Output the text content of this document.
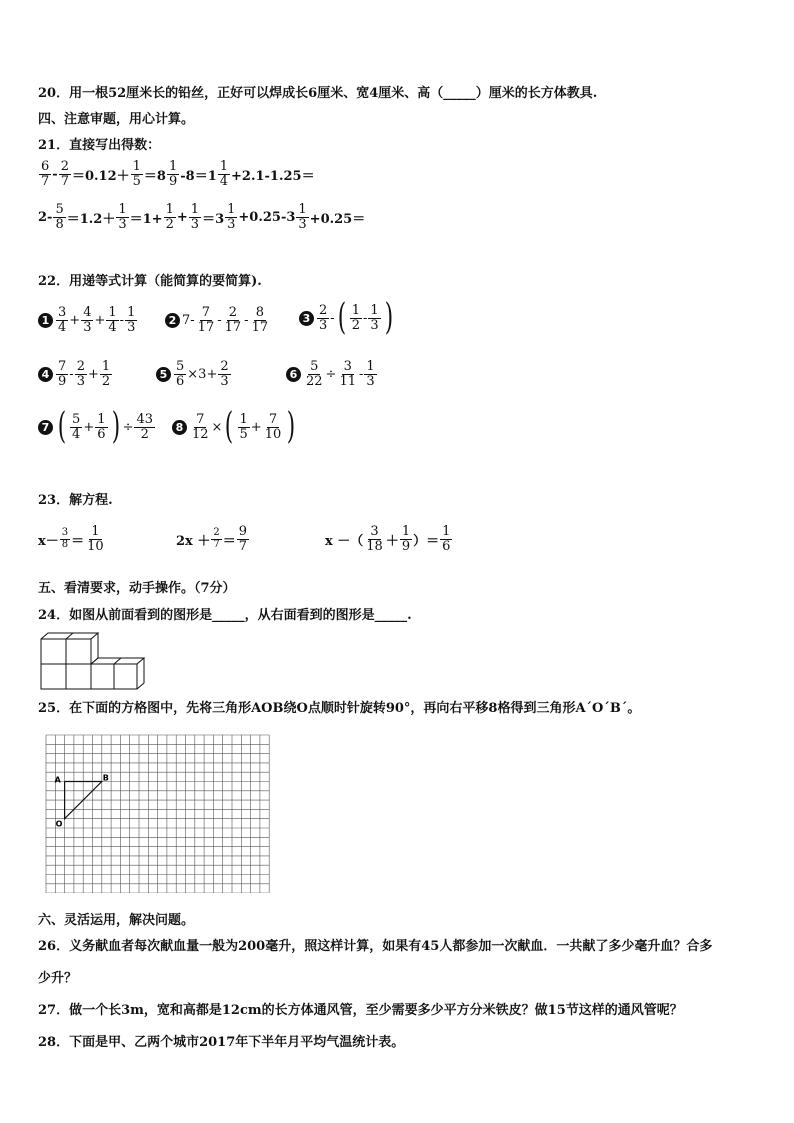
20．用一根52厘米长的铅丝，正好可以焊成长6厘米、宽4厘米、高（_____）厘米的长方体教具.
四、注意审题，用心计算。
21．直接写出得数：
$\frac{6}{7} - \frac{2}{7} =0.12+ \frac{1}{5} =8 \frac{1}{9} -8=1 \frac{1}{4} +2.1-1.25=$
$2- \frac{5}{8} =1.2+ \frac{1}{3} =1+ \frac{1}{2} + \frac{1}{3} =3 \frac{1}{3} +0.25-3 \frac{1}{3} +0.25=$
22．用递等式计算（能简算的要简算).
$1 \frac{3}{4} + \frac{4}{3} + \frac{1}{4} - \frac{1}{3}$	2 $7- \frac{7}{17} - \frac{2}{17} - \frac{8}{17}$	$3 \frac{2}{3}$ -( $\frac{1}{2} - \frac{1}{3}$ )
$4 \frac{7}{9} - \frac{2}{3} + \frac{1}{2}$	$5 \frac{5}{6} \times 3+ \frac{2}{3}$	$6 \frac{5}{22} \div \frac{3}{11} - \frac{1}{3}$
7 ( $\frac{5}{4} + \frac{1}{6}$ ) ÷ $\frac{43}{2}$	$8 \frac{7}{12}$ ×( $\frac{1}{5} + \frac{7}{10}$ )
23．解方程.
$x- \frac{3}{8} = \frac{1}{10}$	$2x + \frac{2}{7} = \frac{9}{7}$	x －（ $\frac{3}{18} + \frac{1}{9}$ ）＝ $\frac{1}{6}$
五、看清要求，动手操作。（7分）
24．如图从前面看到的图形是_____，从右面看到的图形是_____.
25．在下面的方格图中，先将三角形AOB绕O点顺时针旋转90°，再向右平移8格得到三角形A´O´B´。
A	B
O
六、灵活运用，解决问题。
26．义务献血者每次献血量一般为200毫升，照这样计算，如果有45人都参加一次献血．一共献了多少毫升血？合多
少升？
27．做一个长3m，宽和高都是12cm的长方体通风管，至少需要多少平方分米铁皮？做15节这样的通风管呢？
28．下面是甲、乙两个城市2017年下半年月平均气温统计表。
